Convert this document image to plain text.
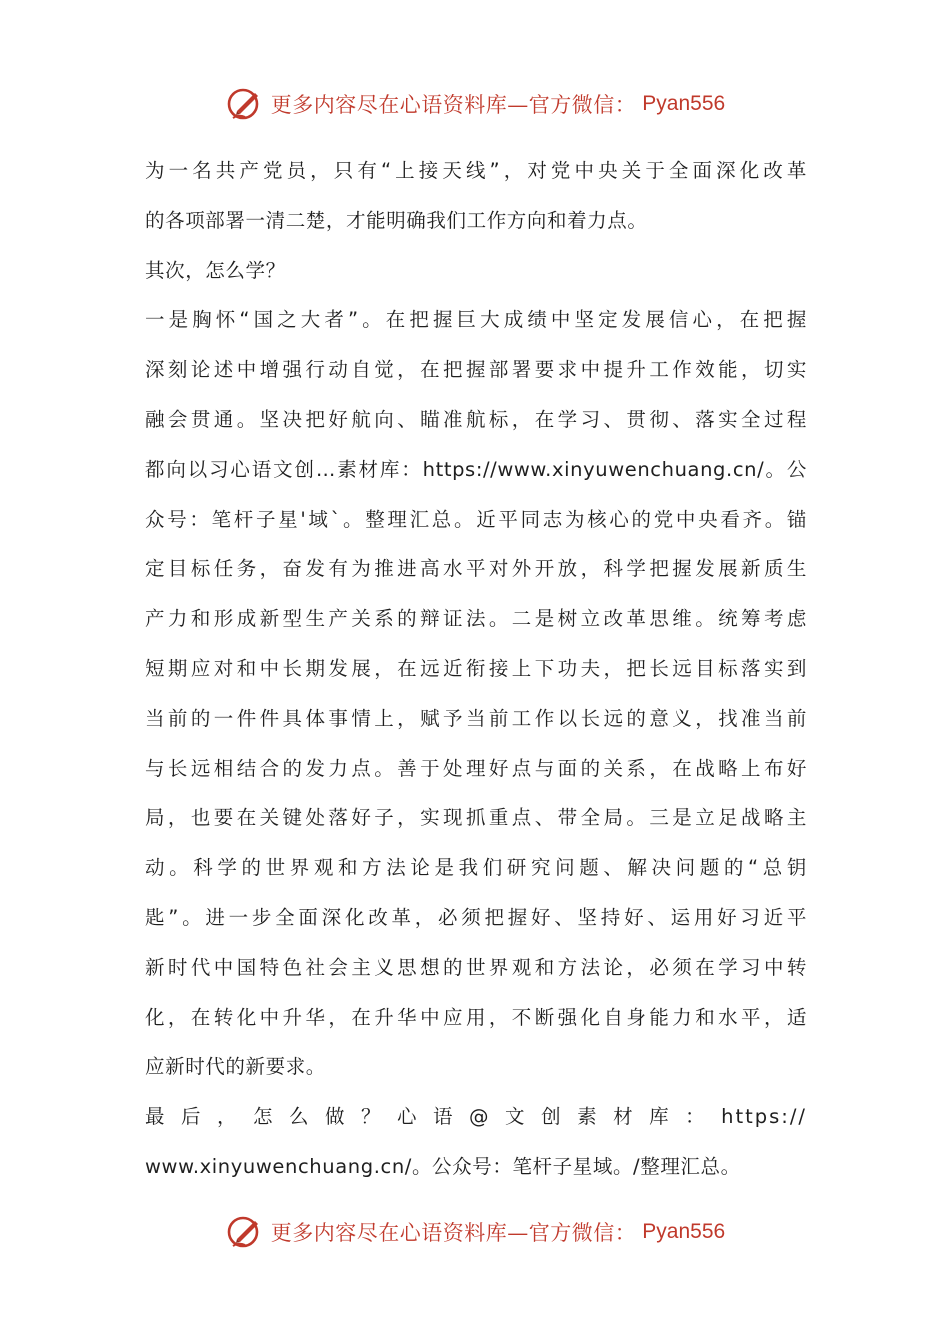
更多内容尽在心语资料库—官方微信： Pyan556
为一名共产党员，只有“上接天线”，对党中央关于全面深化改革
的各项部署一清二楚，才能明确我们工作方向和着力点。
其次，怎么学？
一是胸怀“国之大者”。在把握巨大成绩中坚定发展信心，在把握
深刻论述中增强行动自觉，在把握部署要求中提升工作效能，切实
融会贯通。坚决把好航向、瞄准航标，在学习、贯彻、落实全过程
都向以习心语文创…素材库：https://www.xinyuwenchuang.cn/。公
众号：笔杆子星'域`。整理汇总。近平同志为核心的党中央看齐。锚
定目标任务，奋发有为推进高水平对外开放，科学把握发展新质生
产力和形成新型生产关系的辩证法。二是树立改革思维。统筹考虑
短期应对和中长期发展，在远近衔接上下功夫，把长远目标落实到
当前的一件件具体事情上，赋予当前工作以长远的意义，找准当前
与长远相结合的发力点。善于处理好点与面的关系，在战略上布好
局，也要在关键处落好子，实现抓重点、带全局。三是立足战略主
动。科学的世界观和方法论是我们研究问题、解决问题的“总钥
匙”。进一步全面深化改革，必须把握好、坚持好、运用好习近平
新时代中国特色社会主义思想的世界观和方法论，必须在学习中转
化，在转化中升华，在升华中应用，不断强化自身能力和水平，适
应新时代的新要求。
最后，怎么做？心语@文创素材库：https://
www.xinyuwenchuang.cn/。公众号：笔杆子星域。/整理汇总。
更多内容尽在心语资料库—官方微信： Pyan556
